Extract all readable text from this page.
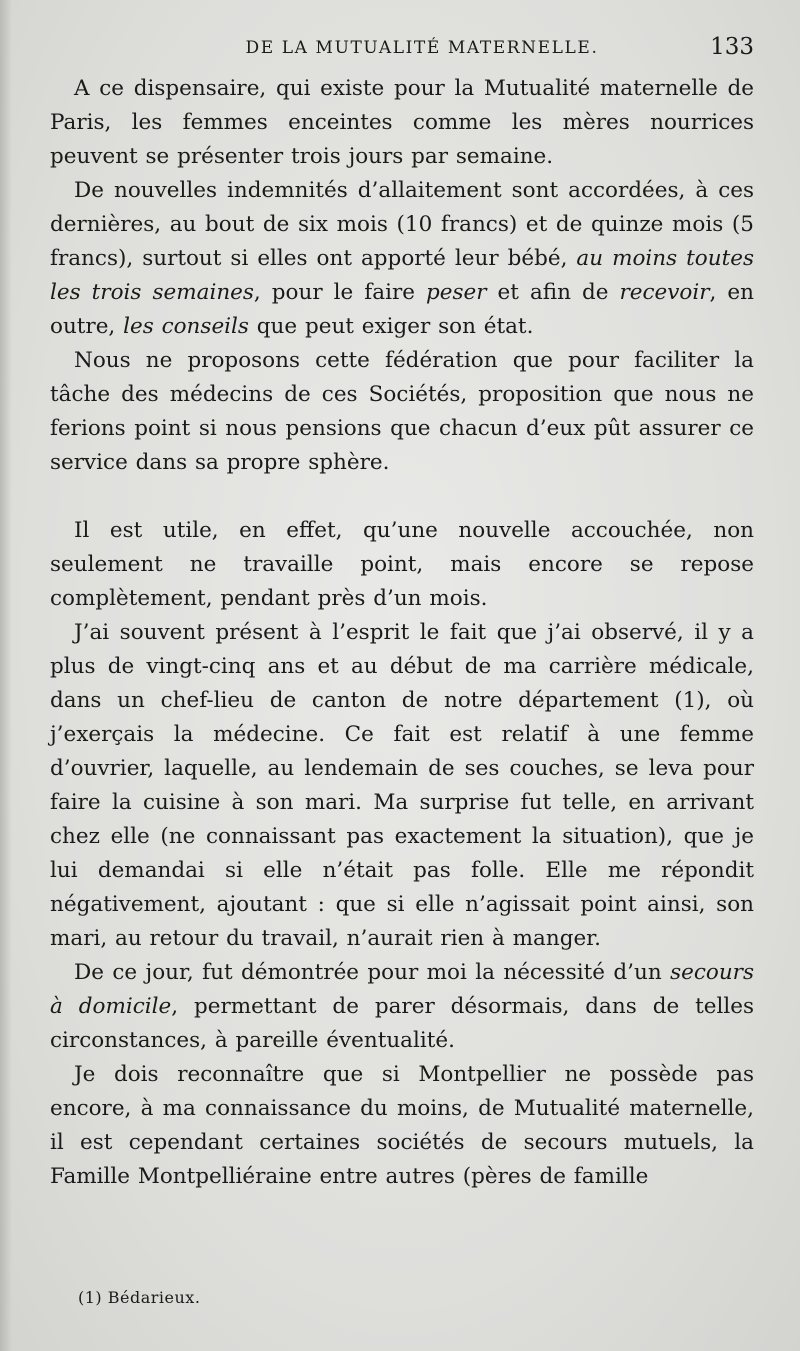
DE LA MUTUALITÉ MATERNELLE.	133

A ce dispensaire, qui existe pour la Mutualité maternelle de Paris, les femmes enceintes comme les mères nourrices peuvent se présenter trois jours par semaine.

De nouvelles indemnités d’allaitement sont accordées, à ces dernières, au bout de six mois (10 francs) et de quinze mois (5 francs), surtout si elles ont apporté leur bébé, au moins toutes les trois semaines, pour le faire peser et afin de recevoir, en outre, les conseils que peut exiger son état.

Nous ne proposons cette fédération que pour faciliter la tâche des médecins de ces Sociétés, proposition que nous ne ferions point si nous pensions que chacun d’eux pût assurer ce service dans sa propre sphère.

Il est utile, en effet, qu’une nouvelle accouchée, non seulement ne travaille point, mais encore se repose complètement, pendant près d’un mois.

J’ai souvent présent à l’esprit le fait que j’ai observé, il y a plus de vingt-cinq ans et au début de ma carrière médicale, dans un chef-lieu de canton de notre département (1), où j’exerçais la médecine. Ce fait est relatif à une femme d’ouvrier, laquelle, au lendemain de ses couches, se leva pour faire la cuisine à son mari. Ma surprise fut telle, en arrivant chez elle (ne connaissant pas exactement la situation), que je lui demandai si elle n’était pas folle. Elle me répondit négativement, ajoutant : que si elle n’agissait point ainsi, son mari, au retour du travail, n’aurait rien à manger.

De ce jour, fut démontrée pour moi la nécessité d’un secours à domicile, permettant de parer désormais, dans de telles circonstances, à pareille éventualité.

Je dois reconnaître que si Montpellier ne possède pas encore, à ma connaissance du moins, de Mutualité maternelle, il est cependant certaines sociétés de secours mutuels, la Famille Montpelliéraine entre autres (pères de famille

(1) Bédarieux.
